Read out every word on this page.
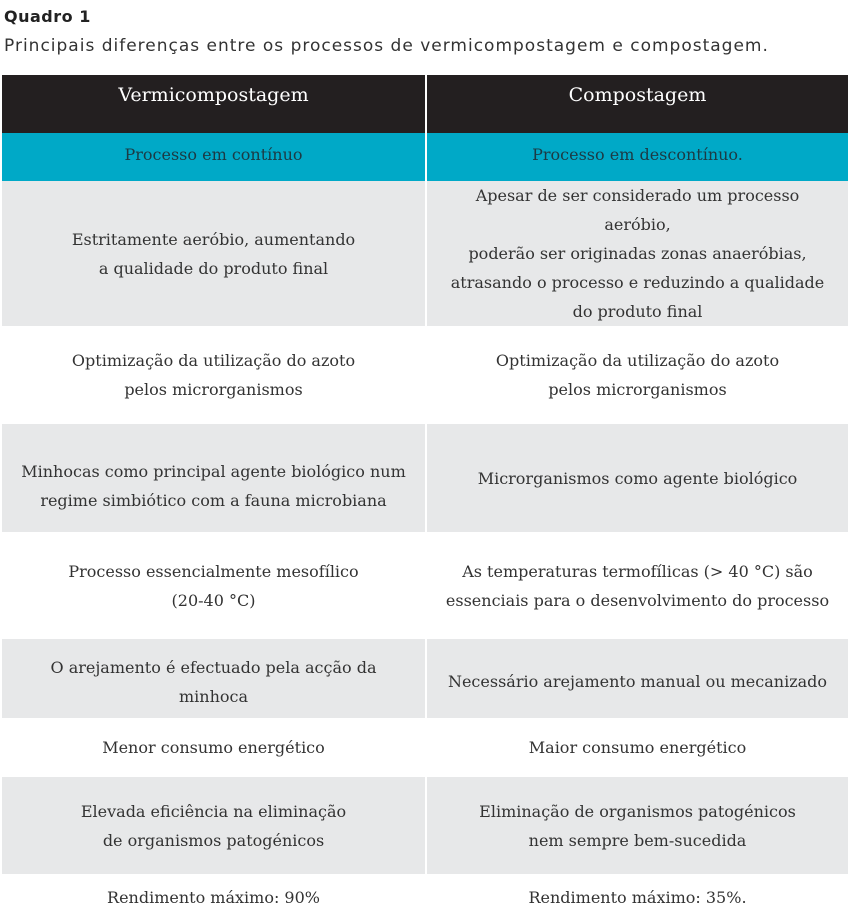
Quadro 1
Principais diferenças entre os processos de vermicompostagem e compostagem.
Vermicompostagem	Compostagem

Processo em contínuo	Processo em descontínuo.

Estritamente aeróbio, aumentando
a qualidade do produto final	Apesar de ser considerado um processo aeróbio,
poderão ser originadas zonas anaeróbias,
atrasando o processo e reduzindo a qualidade
do produto final

Optimização da utilização do azoto
pelos microrganismos	Optimização da utilização do azoto
pelos microrganismos

Minhocas como principal agente biológico num
regime simbiótico com a fauna microbiana	Microrganismos como agente biológico

Processo essencialmente mesofílico
(20-40 °C)	As temperaturas termofílicas (> 40 °C) são
essenciais para o desenvolvimento do processo

O arejamento é efectuado pela acção da minhoca	Necessário arejamento manual ou mecanizado

Menor consumo energético	Maior consumo energético

Elevada eficiência na eliminação
de organismos patogénicos	Eliminação de organismos patogénicos
nem sempre bem-sucedida

Rendimento máximo: 90%	Rendimento máximo: 35%.
